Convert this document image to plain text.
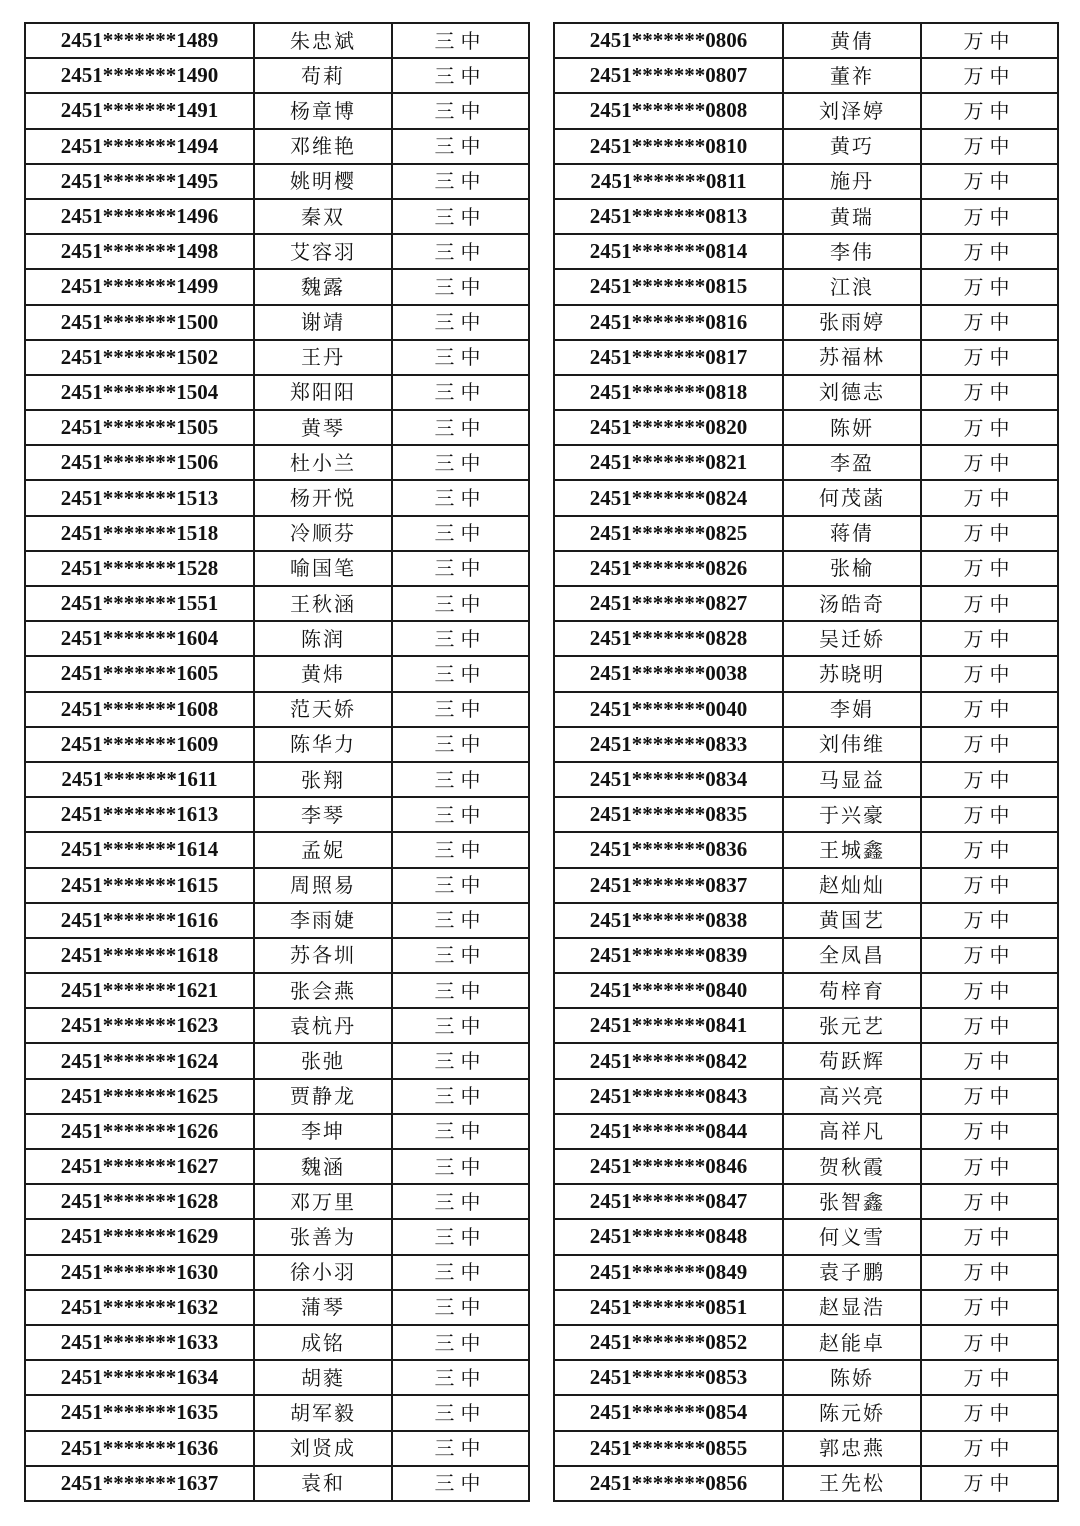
2451*******1489	朱忠斌	三中
2451*******1490	苟莉	三中
2451*******1491	杨章博	三中
2451*******1494	邓维艳	三中
2451*******1495	姚明樱	三中
2451*******1496	秦双	三中
2451*******1498	艾容羽	三中
2451*******1499	魏露	三中
2451*******1500	谢靖	三中
2451*******1502	王丹	三中
2451*******1504	郑阳阳	三中
2451*******1505	黄琴	三中
2451*******1506	杜小兰	三中
2451*******1513	杨开悦	三中
2451*******1518	冷顺芬	三中
2451*******1528	喻国笔	三中
2451*******1551	王秋涵	三中
2451*******1604	陈润	三中
2451*******1605	黄炜	三中
2451*******1608	范天娇	三中
2451*******1609	陈华力	三中
2451*******1611	张翔	三中
2451*******1613	李琴	三中
2451*******1614	孟妮	三中
2451*******1615	周照易	三中
2451*******1616	李雨婕	三中
2451*******1618	苏各圳	三中
2451*******1621	张会燕	三中
2451*******1623	袁杭丹	三中
2451*******1624	张弛	三中
2451*******1625	贾静龙	三中
2451*******1626	李坤	三中
2451*******1627	魏涵	三中
2451*******1628	邓万里	三中
2451*******1629	张善为	三中
2451*******1630	徐小羽	三中
2451*******1632	蒲琴	三中
2451*******1633	成铭	三中
2451*******1634	胡蕤	三中
2451*******1635	胡军毅	三中
2451*******1636	刘贤成	三中
2451*******1637	袁和	三中
2451*******0806	黄倩	万中
2451*******0807	董祚	万中
2451*******0808	刘泽婷	万中
2451*******0810	黄巧	万中
2451*******0811	施丹	万中
2451*******0813	黄瑞	万中
2451*******0814	李伟	万中
2451*******0815	江浪	万中
2451*******0816	张雨婷	万中
2451*******0817	苏福林	万中
2451*******0818	刘德志	万中
2451*******0820	陈妍	万中
2451*******0821	李盈	万中
2451*******0824	何茂菡	万中
2451*******0825	蒋倩	万中
2451*******0826	张榆	万中
2451*******0827	汤皓奇	万中
2451*******0828	吴迁娇	万中
2451*******0038	苏晓明	万中
2451*******0040	李娟	万中
2451*******0833	刘伟维	万中
2451*******0834	马显益	万中
2451*******0835	于兴豪	万中
2451*******0836	王城鑫	万中
2451*******0837	赵灿灿	万中
2451*******0838	黄国艺	万中
2451*******0839	全凤昌	万中
2451*******0840	苟梓育	万中
2451*******0841	张元艺	万中
2451*******0842	苟跃辉	万中
2451*******0843	高兴亮	万中
2451*******0844	高祥凡	万中
2451*******0846	贺秋霞	万中
2451*******0847	张智鑫	万中
2451*******0848	何义雪	万中
2451*******0849	袁子鹏	万中
2451*******0851	赵显浩	万中
2451*******0852	赵能卓	万中
2451*******0853	陈娇	万中
2451*******0854	陈元娇	万中
2451*******0855	郭忠燕	万中
2451*******0856	王先松	万中
